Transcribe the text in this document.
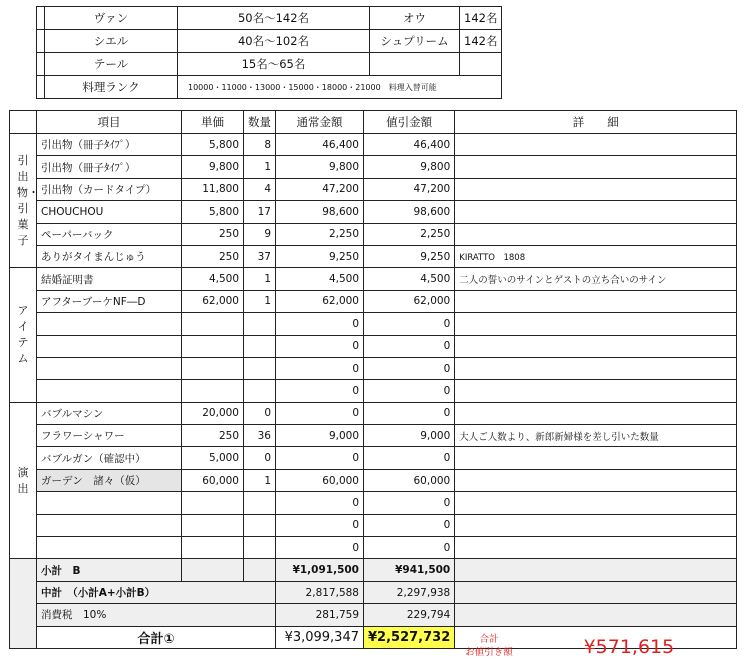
	ヴァン	50名～142名	オウ	142名
	シエル	40名～102名	シュプリーム	142名
	テール	15名～65名		
	料理ランク	10000・11000・13000・15000・18000・21000　料理入替可能		
	項目	単価	数量	通常金額	値引金額	詳　　細
引出物・引菓子	引出物（冊子ﾀｲﾌﾟ）	5,800	8	46,400	46,400	
	引出物（冊子ﾀｲﾌﾟ）	9,800	1	9,800	9,800	
	引出物（カードタイプ）	11,800	4	47,200	47,200	
	CHOUCHOU	5,800	17	98,600	98,600	
	ペーパーバック	250	9	2,250	2,250	
	ありがタイまんじゅう	250	37	9,250	9,250	KIRATTO　1808
アイテム	結婚証明書	4,500	1	4,500	4,500	二人の誓いのサインとゲストの立ち合いのサイン
	アフターブーケNF―D	62,000	1	62,000	62,000	
				0	0	
				0	0	
				0	0	
				0	0	
演出	バブルマシン	20,000	0	0	0	
	フラワーシャワー	250	36	9,000	9,000	大人ご人数より、新郎新婦様を差し引いた数量
	バブルガン（確認中）	5,000	0	0	0	
	ガーデン　諸々（仮）	60,000	1	60,000	60,000	
				0	0	
				0	0	
				0	0	
	小計　B			¥1,091,500	¥941,500	
	中計　（小計A+小計B）			2,817,588	2,297,938	
	消費税　10%			281,759	229,794	
	合計①			¥3,099,347	¥2,527,732	合計
お値引き額 ¥571,615
